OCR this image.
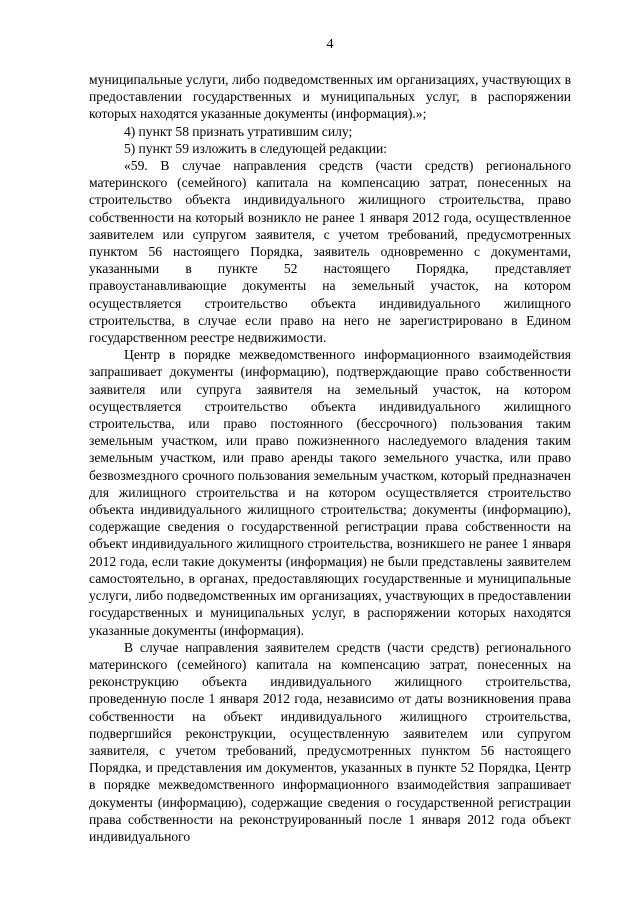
4

муниципальные услуги, либо подведомственных им организациях, участвующих в предоставлении государственных и муниципальных услуг, в распоряжении которых находятся указанные документы (информация).»;

4) пункт 58 признать утратившим силу;

5) пункт 59 изложить в следующей редакции:

«59. В случае направления средств (части средств) регионального материнского (семейного) капитала на компенсацию затрат, понесенных на строительство объекта индивидуального жилищного строительства, право собственности на который возникло не ранее 1 января 2012 года, осуществленное заявителем или супругом заявителя, с учетом требований, предусмотренных пунктом 56 настоящего Порядка, заявитель одновременно с документами, указанными в пункте 52 настоящего Порядка, представляет правоустанавливающие документы на земельный участок, на котором осуществляется строительство объекта индивидуального жилищного строительства, в случае если право на него не зарегистрировано в Едином государственном реестре недвижимости.

Центр в порядке межведомственного информационного взаимодействия запрашивает документы (информацию), подтверждающие право собственности заявителя или супруга заявителя на земельный участок, на котором осуществляется строительство объекта индивидуального жилищного строительства, или право постоянного (бессрочного) пользования таким земельным участком, или право пожизненного наследуемого владения таким земельным участком, или право аренды такого земельного участка, или право безвозмездного срочного пользования земельным участком, который предназначен для жилищного строительства и на котором осуществляется строительство объекта индивидуального жилищного строительства; документы (информацию), содержащие сведения о государственной регистрации права собственности на объект индивидуального жилищного строительства, возникшего не ранее 1 января 2012 года, если такие документы (информация) не были представлены заявителем самостоятельно, в органах, предоставляющих государственные и муниципальные услуги, либо подведомственных им организациях, участвующих в предоставлении государственных и муниципальных услуг, в распоряжении которых находятся указанные документы (информация).

В случае направления заявителем средств (части средств) регионального материнского (семейного) капитала на компенсацию затрат, понесенных на реконструкцию объекта индивидуального жилищного строительства, проведенную после 1 января 2012 года, независимо от даты возникновения права собственности на объект индивидуального жилищного строительства, подвергшийся реконструкции, осуществленную заявителем или супругом заявителя, с учетом требований, предусмотренных пунктом 56 настоящего Порядка, и представления им документов, указанных в пункте 52 Порядка, Центр в порядке межведомственного информационного взаимодействия запрашивает документы (информацию), содержащие сведения о государственной регистрации права собственности на реконструированный после 1 января 2012 года объект индивидуального
